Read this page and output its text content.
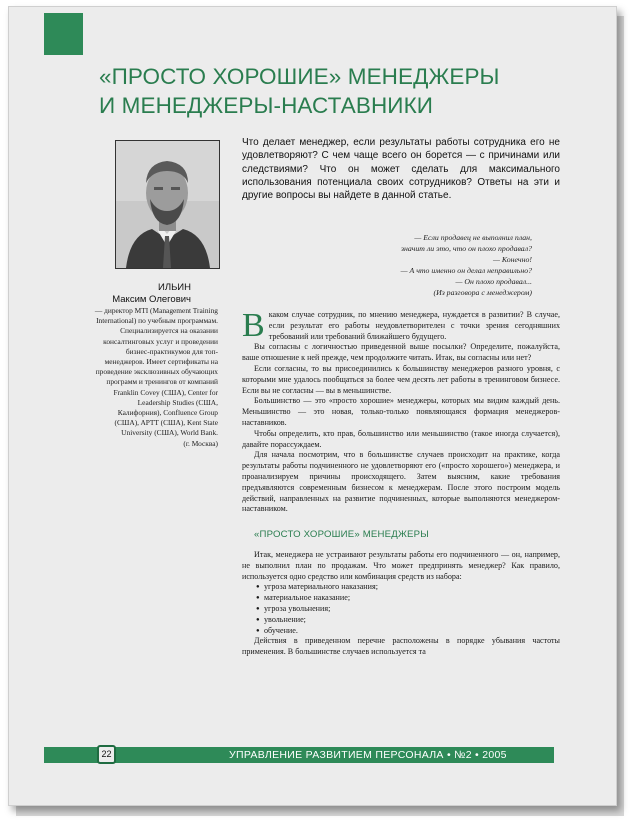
«ПРОСТО ХОРОШИЕ» МЕНЕДЖЕРЫ
И МЕНЕДЖЕРЫ-НАСТАВНИКИ
ИЛЬИН
Максим Олегович
— директор MTI (Management Training International) по учебным программам. Специализируется на оказании консалтинговых услуг и проведении бизнес-практикумов для топ-менеджеров. Имеет сертификаты на проведение эксклюзивных обучающих программ и тренингов от компаний Franklin Covey (США), Center for Leadership Studies (США, Калифорния), Confluence Group (США), APTT (США), Kent State University (США), World Bank.
(г. Москва)
Что делает менеджер, если результаты работы сотрудника его не удовлетворяют? С чем чаще всего он борется — с причинами или следствиями? Что он может сделать для максимального использования потенциала своих сотрудников? Ответы на эти и другие вопросы вы найдете в данной статье.
— Если продавец не выполнил план,
значит ли это, что он плохо продавал?
— Конечно!
— А что именно он делал неправильно?
— Он плохо продавал...
(Из разговора с менеджером)

Вкаком случае сотрудник, по мнению менеджера, нуждается в развитии? В случае, если результат его работы неудовлетворителен с точки зрения сегодняшних требований или требований ближайшего будущего.

Вы согласны с логичностью приведенной выше посылки? Определите, пожалуйста, ваше отношение к ней прежде, чем продолжите читать. Итак, вы согласны или нет?

Если согласны, то вы присоединились к большинству менеджеров разного уровня, с которыми мне удалось пообщаться за более чем десять лет работы в тренинговом бизнесе. Если вы не согласны — вы в меньшинстве.

Большинство — это «просто хорошие» менеджеры, которых мы видим каждый день. Меньшинство — это новая, только-только появляющаяся формация менеджеров-наставников.

Чтобы определить, кто прав, большинство или меньшинство (такое иногда случается), давайте порассуждаем.

Для начала посмотрим, что в большинстве случаев происходит на практике, когда результаты работы подчиненного не удовлетворяют его («просто хорошего») менеджера, и проанализируем причины происходящего. Затем выясним, какие требования предъявляются современным бизнесом к менеджерам. После этого построим модель действий, направленных на развитие подчиненных, которые выполняются менеджером-наставником.

«ПРОСТО ХОРОШИЕ» МЕНЕДЖЕРЫ

Итак, менеджера не устраивают результаты работы его подчиненного — он, например, не выполнил план по продажам. Что может предпринять менеджер? Как правило, используется одно средство или комбинация средств из набора:

● угроза материального наказания;
● материальное наказание;
● угроза увольнения;
● увольнение;
● обучение.

Действия в приведенном перечне расположены в порядке убывания частоты применения. В большинстве случаев используется та

22	УПРАВЛЕНИЕ РАЗВИТИЕМ ПЕРСОНАЛА • №2 • 2005
